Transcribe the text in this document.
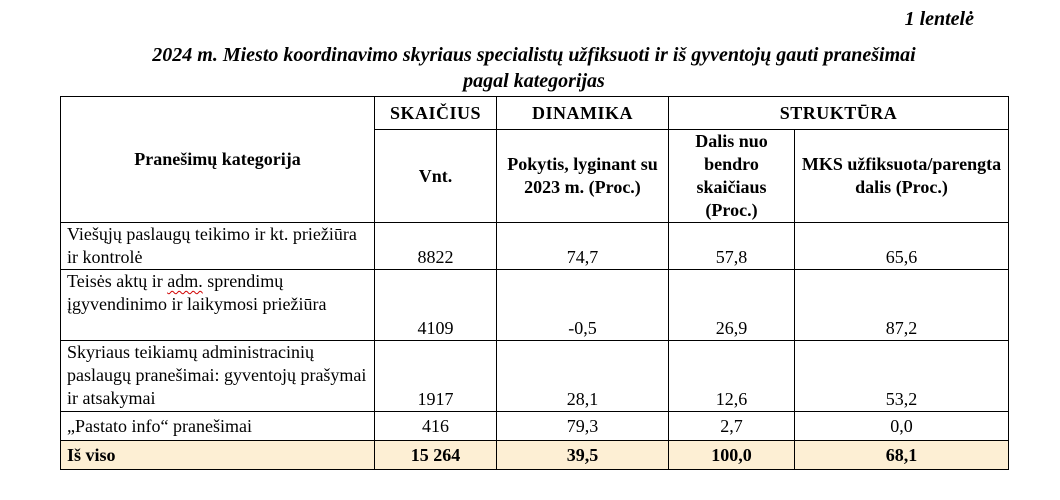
1 lentelė
2024 m. Miesto koordinavimo skyriaus specialistų užfiksuoti ir iš gyventojų gauti pranešimai
pagal kategorijas
Pranešimų kategorija	SKAIČIUS	DINAMIKA	STRUKTŪRA	
	Vnt.	Pokytis, lyginant su 2023 m. (Proc.)	Dalis nuo bendro skaičiaus (Proc.)	MKS užfiksuota/parengta dalis (Proc.)
Viešųjų paslaugų teikimo ir kt. priežiūra ir kontrolė	8822	74,7	57,8	65,6
Teisės aktų ir adm. sprendimų įgyvendinimo ir laikymosi priežiūra	4109	-0,5	26,9	87,2
Skyriaus teikiamų administracinių paslaugų pranešimai: gyventojų prašymai ir atsakymai	1917	28,1	12,6	53,2
„Pastato info“ pranešimai	416	79,3	2,7	0,0
Iš viso	15 264	39,5	100,0	68,1
